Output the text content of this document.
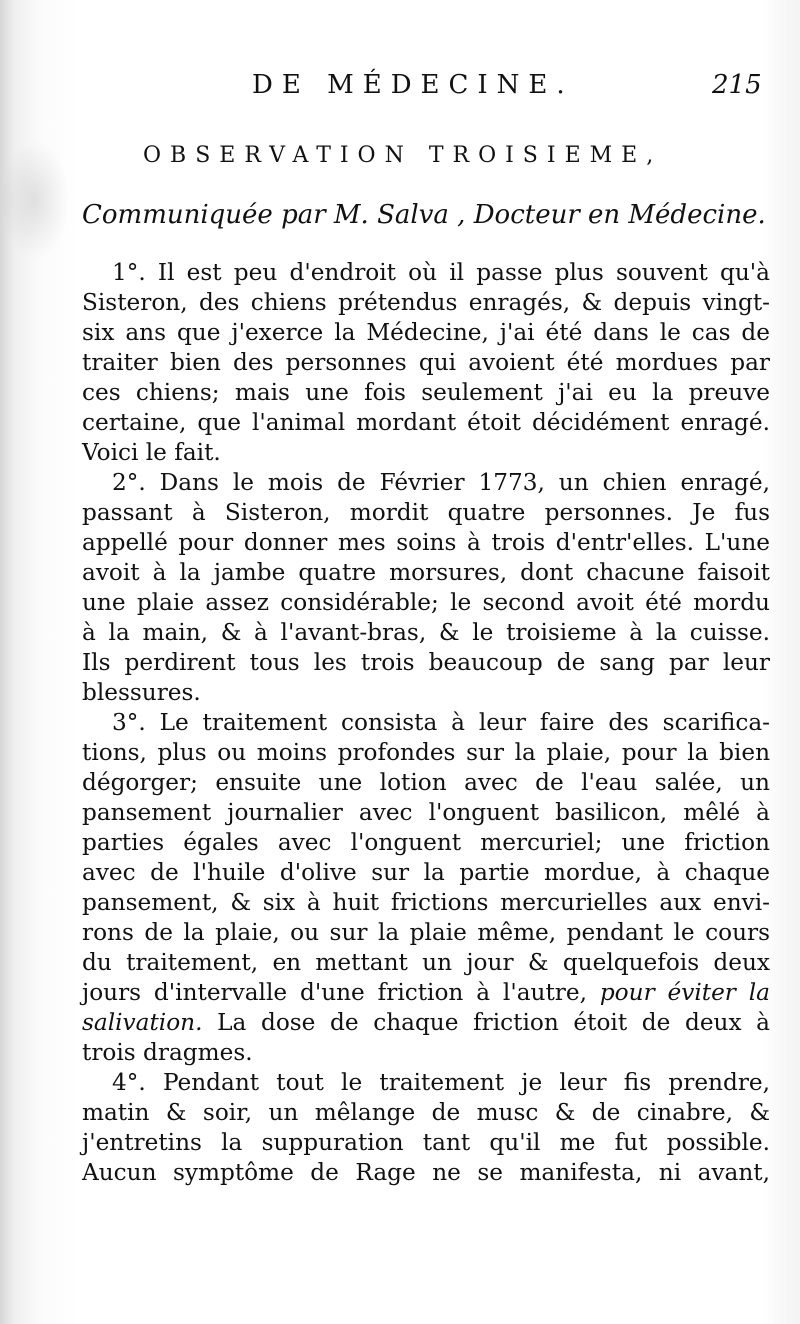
DE MÉDECINE.	215
OBSERVATION TROISIEME,
Communiquée par M. Salva , Docteur en Médecine.
1°. Il est peu d'endroit où il passe plus souvent qu'à
Sisteron, des chiens prétendus enragés, & depuis vingt-
six ans que j'exerce la Médecine, j'ai été dans le cas de
traiter bien des personnes qui avoient été mordues par
ces chiens; mais une fois seulement j'ai eu la preuve
certaine, que l'animal mordant étoit décidément enragé.
Voici le fait.
2°. Dans le mois de Février 1773, un chien enragé,
passant à Sisteron, mordit quatre personnes. Je fus
appellé pour donner mes soins à trois d'entr'elles. L'une
avoit à la jambe quatre morsures, dont chacune faisoit
une plaie assez considérable; le second avoit été mordu
à la main, & à l'avant-bras, & le troisieme à la cuisse.
Ils perdirent tous les trois beaucoup de sang par leur
blessures.
3°. Le traitement consista à leur faire des scarifica-
tions, plus ou moins profondes sur la plaie, pour la bien
dégorger; ensuite une lotion avec de l'eau salée, un
pansement journalier avec l'onguent basilicon, mêlé à
parties égales avec l'onguent mercuriel; une friction
avec de l'huile d'olive sur la partie mordue, à chaque
pansement, & six à huit frictions mercurielles aux envi-
rons de la plaie, ou sur la plaie même, pendant le cours
du traitement, en mettant un jour & quelquefois deux
jours d'intervalle d'une friction à l'autre, pour éviter la
salivation. La dose de chaque friction étoit de deux à
trois dragmes.
4°. Pendant tout le traitement je leur fis prendre,
matin & soir, un mêlange de musc & de cinabre, &
j'entretins la suppuration tant qu'il me fut possible.
Aucun symptôme de Rage ne se manifesta, ni avant,
